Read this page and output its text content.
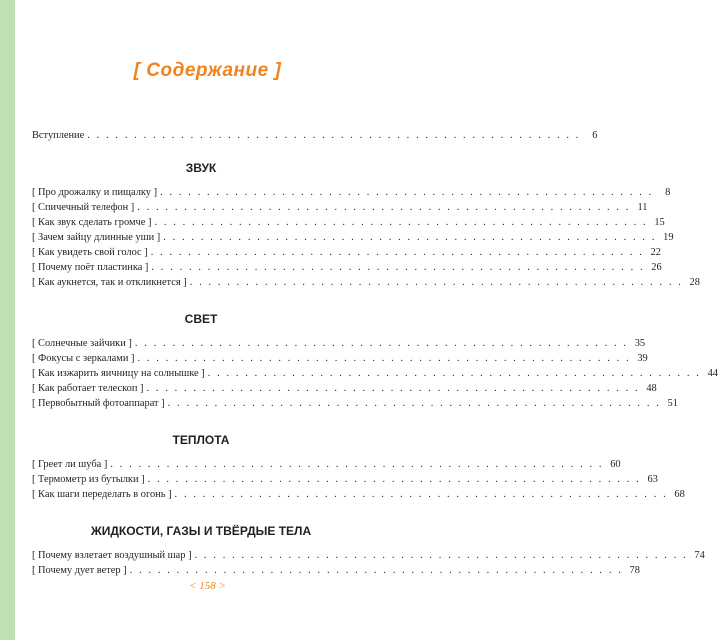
[ Содержание ]
Вступление . . . . . . . . . . . . . . . . . . . . . . . . . . . . . . . . . . . . . . . . . . . . . . . . . . . . .	6
ЗВУК
[ Про дрожалку и пищалку ] . . . . . . . . . . . . . . . . . . . . . . . . . . . . . . . . . . . . . . . . . . . . . . . . . . . . .	8
[ Спичечный телефон ] . . . . . . . . . . . . . . . . . . . . . . . . . . . . . . . . . . . . . . . . . . . . . . . . . . . . . 11
[ Как звук сделать громче ] . . . . . . . . . . . . . . . . . . . . . . . . . . . . . . . . . . . . . . . . . . . . . . . . . . . . . 15
[ Зачем зайцу длинные уши ] . . . . . . . . . . . . . . . . . . . . . . . . . . . . . . . . . . . . . . . . . . . . . . . . . . . . . 19
[ Как увидеть свой голос ] . . . . . . . . . . . . . . . . . . . . . . . . . . . . . . . . . . . . . . . . . . . . . . . . . . . . . 22
[ Почему поёт пластинка ] . . . . . . . . . . . . . . . . . . . . . . . . . . . . . . . . . . . . . . . . . . . . . . . . . . . . . 26
[ Как аукнется, так и откликнется ] . . . . . . . . . . . . . . . . . . . . . . . . . . . . . . . . . . . . . . . . . . . . . . . . . . . . . 28
СВЕТ
[ Солнечные зайчики ] . . . . . . . . . . . . . . . . . . . . . . . . . . . . . . . . . . . . . . . . . . . . . . . . . . . . . 35
[ Фокусы с зеркалами ] . . . . . . . . . . . . . . . . . . . . . . . . . . . . . . . . . . . . . . . . . . . . . . . . . . . . . 39
[ Как изжарить яичницу на солнышке ] . . . . . . . . . . . . . . . . . . . . . . . . . . . . . . . . . . . . . . . . . . . . . . . . . . . . . 44
[ Как работает телескоп ] . . . . . . . . . . . . . . . . . . . . . . . . . . . . . . . . . . . . . . . . . . . . . . . . . . . . . 48
[ Первобытный фотоаппарат ] . . . . . . . . . . . . . . . . . . . . . . . . . . . . . . . . . . . . . . . . . . . . . . . . . . . . . 51
ТЕПЛОТА
[ Греет ли шуба ] . . . . . . . . . . . . . . . . . . . . . . . . . . . . . . . . . . . . . . . . . . . . . . . . . . . . . 60
[ Термометр из бутылки ] . . . . . . . . . . . . . . . . . . . . . . . . . . . . . . . . . . . . . . . . . . . . . . . . . . . . . 63
[ Как шаги переделать в огонь ] . . . . . . . . . . . . . . . . . . . . . . . . . . . . . . . . . . . . . . . . . . . . . . . . . . . . . 68
ЖИДКОСТИ, ГАЗЫ И ТВЁРДЫЕ ТЕЛА
[ Почему взлетает воздушный шар ] . . . . . . . . . . . . . . . . . . . . . . . . . . . . . . . . . . . . . . . . . . . . . . . . . . . . . 74
[ Почему дует ветер ] . . . . . . . . . . . . . . . . . . . . . . . . . . . . . . . . . . . . . . . . . . . . . . . . . . . . . 78
< 158 >
